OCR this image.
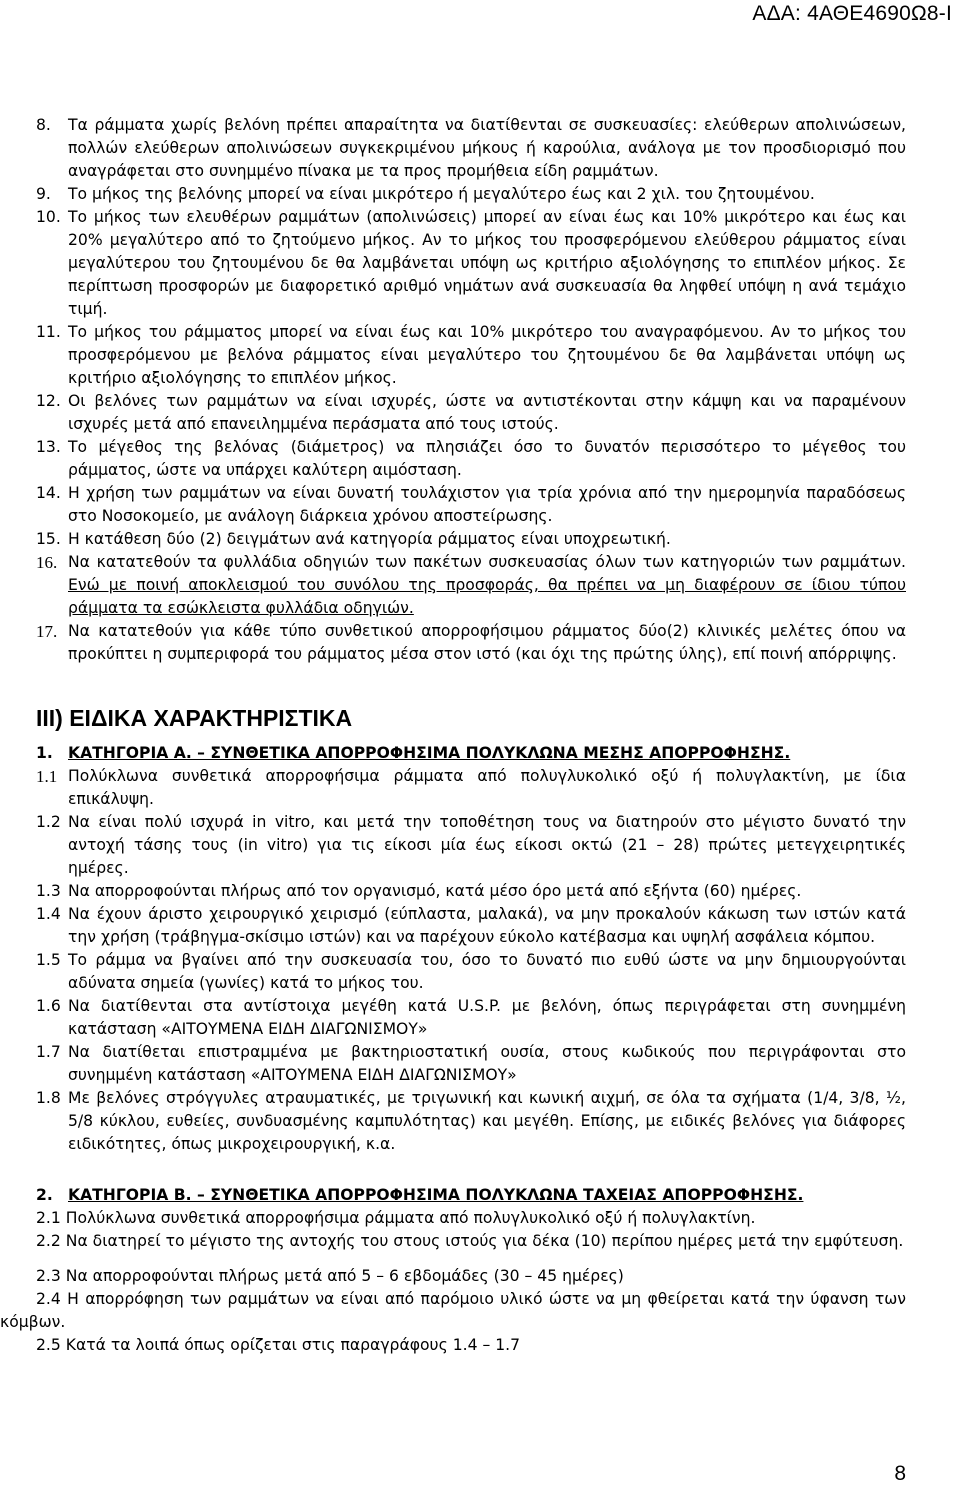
ΑΔΑ: 4ΑΘΕ4690Ω8-Ι
8. Τα ράμματα χωρίς βελόνη πρέπει απαραίτητα να διατίθενται σε συσκευασίες: ελεύθερων απολινώσεων, πολλών ελεύθερων απολινώσεων συγκεκριμένου μήκους ή καρούλια, ανάλογα με τον προσδιορισμό που αναγράφεται στο συνημμένο πίνακα με τα προς προμήθεια είδη ραμμάτων.
9. Το μήκος της βελόνης μπορεί να είναι μικρότερο ή μεγαλύτερο έως και 2 χιλ. του ζητουμένου.
10. Το μήκος των ελευθέρων ραμμάτων (απολινώσεις) μπορεί αν είναι έως και 10% μικρότερο και έως και 20% μεγαλύτερο από το ζητούμενο μήκος. Αν το μήκος του προσφερόμενου ελεύθερου ράμματος είναι μεγαλύτερου του ζητουμένου δε θα λαμβάνεται υπόψη ως κριτήριο αξιολόγησης το επιπλέον μήκος. Σε περίπτωση προσφορών με διαφορετικό αριθμό νημάτων ανά συσκευασία θα ληφθεί υπόψη η ανά τεμάχιο τιμή.
11. Το μήκος του ράμματος μπορεί να είναι έως και 10% μικρότερο του αναγραφόμενου. Αν το μήκος του προσφερόμενου με βελόνα ράμματος είναι μεγαλύτερο του ζητουμένου δε θα λαμβάνεται υπόψη ως κριτήριο αξιολόγησης το επιπλέον μήκος.
12. Οι βελόνες των ραμμάτων να είναι ισχυρές, ώστε να αντιστέκονται στην κάμψη και να παραμένουν ισχυρές μετά από επανειλημμένα περάσματα από τους ιστούς.
13. Το μέγεθος της βελόνας (διάμετρος) να πλησιάζει όσο το δυνατόν περισσότερο το μέγεθος του ράμματος, ώστε να υπάρχει καλύτερη αιμόσταση.
14. Η χρήση των ραμμάτων να είναι δυνατή τουλάχιστον για τρία χρόνια από την ημερομηνία παραδόσεως στο Νοσοκομείο, με ανάλογη διάρκεια χρόνου αποστείρωσης.
15. Η κατάθεση δύο (2) δειγμάτων ανά κατηγορία ράμματος είναι υποχρεωτική.
16. Να κατατεθούν τα φυλλάδια οδηγιών των πακέτων συσκευασίας όλων των κατηγοριών των ραμμάτων. Ενώ με ποινή αποκλεισμού του συνόλου της προσφοράς, θα πρέπει να μη διαφέρουν σε ίδιου τύπου ράμματα τα εσώκλειστα φυλλάδια οδηγιών.
17. Να κατατεθούν για κάθε τύπο συνθετικού απορροφήσιμου ράμματος δύο(2) κλινικές μελέτες όπου να προκύπτει η συμπεριφορά του ράμματος μέσα στον ιστό (και όχι της πρώτης ύλης), επί ποινή απόρριψης.
III) ΕΙΔΙΚΑ ΧΑΡΑΚΤΗΡΙΣΤΙΚΑ
1. ΚΑΤΗΓΟΡΙΑ Α. – ΣΥΝΘΕΤΙΚΑ ΑΠΟΡΡΟΦΗΣΙΜΑ ΠΟΛΥΚΛΩΝΑ ΜΕΣΗΣ ΑΠΟΡΡΟΦΗΣΗΣ.
1.1 Πολύκλωνα συνθετικά απορροφήσιμα ράμματα από πολυγλυκολικό οξύ ή πολυγλακτίνη, με ίδια επικάλυψη.
1.2 Να είναι πολύ ισχυρά in vitro, και μετά την τοποθέτηση τους να διατηρούν στο μέγιστο δυνατό την αντοχή τάσης τους (in vitro) για τις είκοσι μία έως είκοσι οκτώ (21 – 28) πρώτες μετεγχειρητικές ημέρες.
1.3 Να απορροφούνται πλήρως από τον οργανισμό, κατά μέσο όρο μετά από εξήντα (60) ημέρες.
1.4 Να έχουν άριστο χειρουργικό χειρισμό (εύπλαστα, μαλακά), να μην προκαλούν κάκωση των ιστών κατά την χρήση (τράβηγμα-σκίσιμο ιστών) και να παρέχουν εύκολο κατέβασμα και υψηλή ασφάλεια κόμπου.
1.5 Το ράμμα να βγαίνει από την συσκευασία του, όσο το δυνατό πιο ευθύ ώστε να μην δημιουργούνται αδύνατα σημεία (γωνίες) κατά το μήκος του.
1.6 Να διατίθενται στα αντίστοιχα μεγέθη κατά U.S.P. με βελόνη, όπως περιγράφεται στη συνημμένη κατάσταση «ΑΙΤΟΥΜΕΝΑ ΕΙΔΗ ΔΙΑΓΩΝΙΣΜΟΥ»
1.7 Να διατίθεται επιστραμμένα με βακτηριοστατική ουσία, στους κωδικούς που περιγράφονται στο συνημμένη κατάσταση «ΑΙΤΟΥΜΕΝΑ ΕΙΔΗ ΔΙΑΓΩΝΙΣΜΟΥ»
1.8 Με βελόνες στρόγγυλες ατραυματικές, με τριγωνική και κωνική αιχμή, σε όλα τα σχήματα (1/4, 3/8, ½, 5/8 κύκλου, ευθείες, συνδυασμένης καμπυλότητας) και μεγέθη. Επίσης, με ειδικές βελόνες για διάφορες ειδικότητες, όπως μικροχειρουργική, κ.α.
2. ΚΑΤΗΓΟΡΙΑ Β. – ΣΥΝΘΕΤΙΚΑ ΑΠΟΡΡΟΦΗΣΙΜΑ ΠΟΛΥΚΛΩΝΑ ΤΑΧΕΙΑΣ ΑΠΟΡΡΟΦΗΣΗΣ.
2.1 Πολύκλωνα συνθετικά απορροφήσιμα ράμματα από πολυγλυκολικό οξύ ή πολυγλακτίνη.
2.2 Να διατηρεί το μέγιστο της αντοχής του στους ιστούς για δέκα (10) περίπου ημέρες μετά την εμφύτευση.
2.3 Να απορροφούνται πλήρως μετά από 5 – 6 εβδομάδες (30 – 45 ημέρες)
2.4 Η απορρόφηση των ραμμάτων να είναι από παρόμοιο υλικό ώστε να μη φθείρεται κατά την ύφανση των κόμβων.
2.5 Κατά τα λοιπά όπως ορίζεται στις παραγράφους 1.4 – 1.7
8
